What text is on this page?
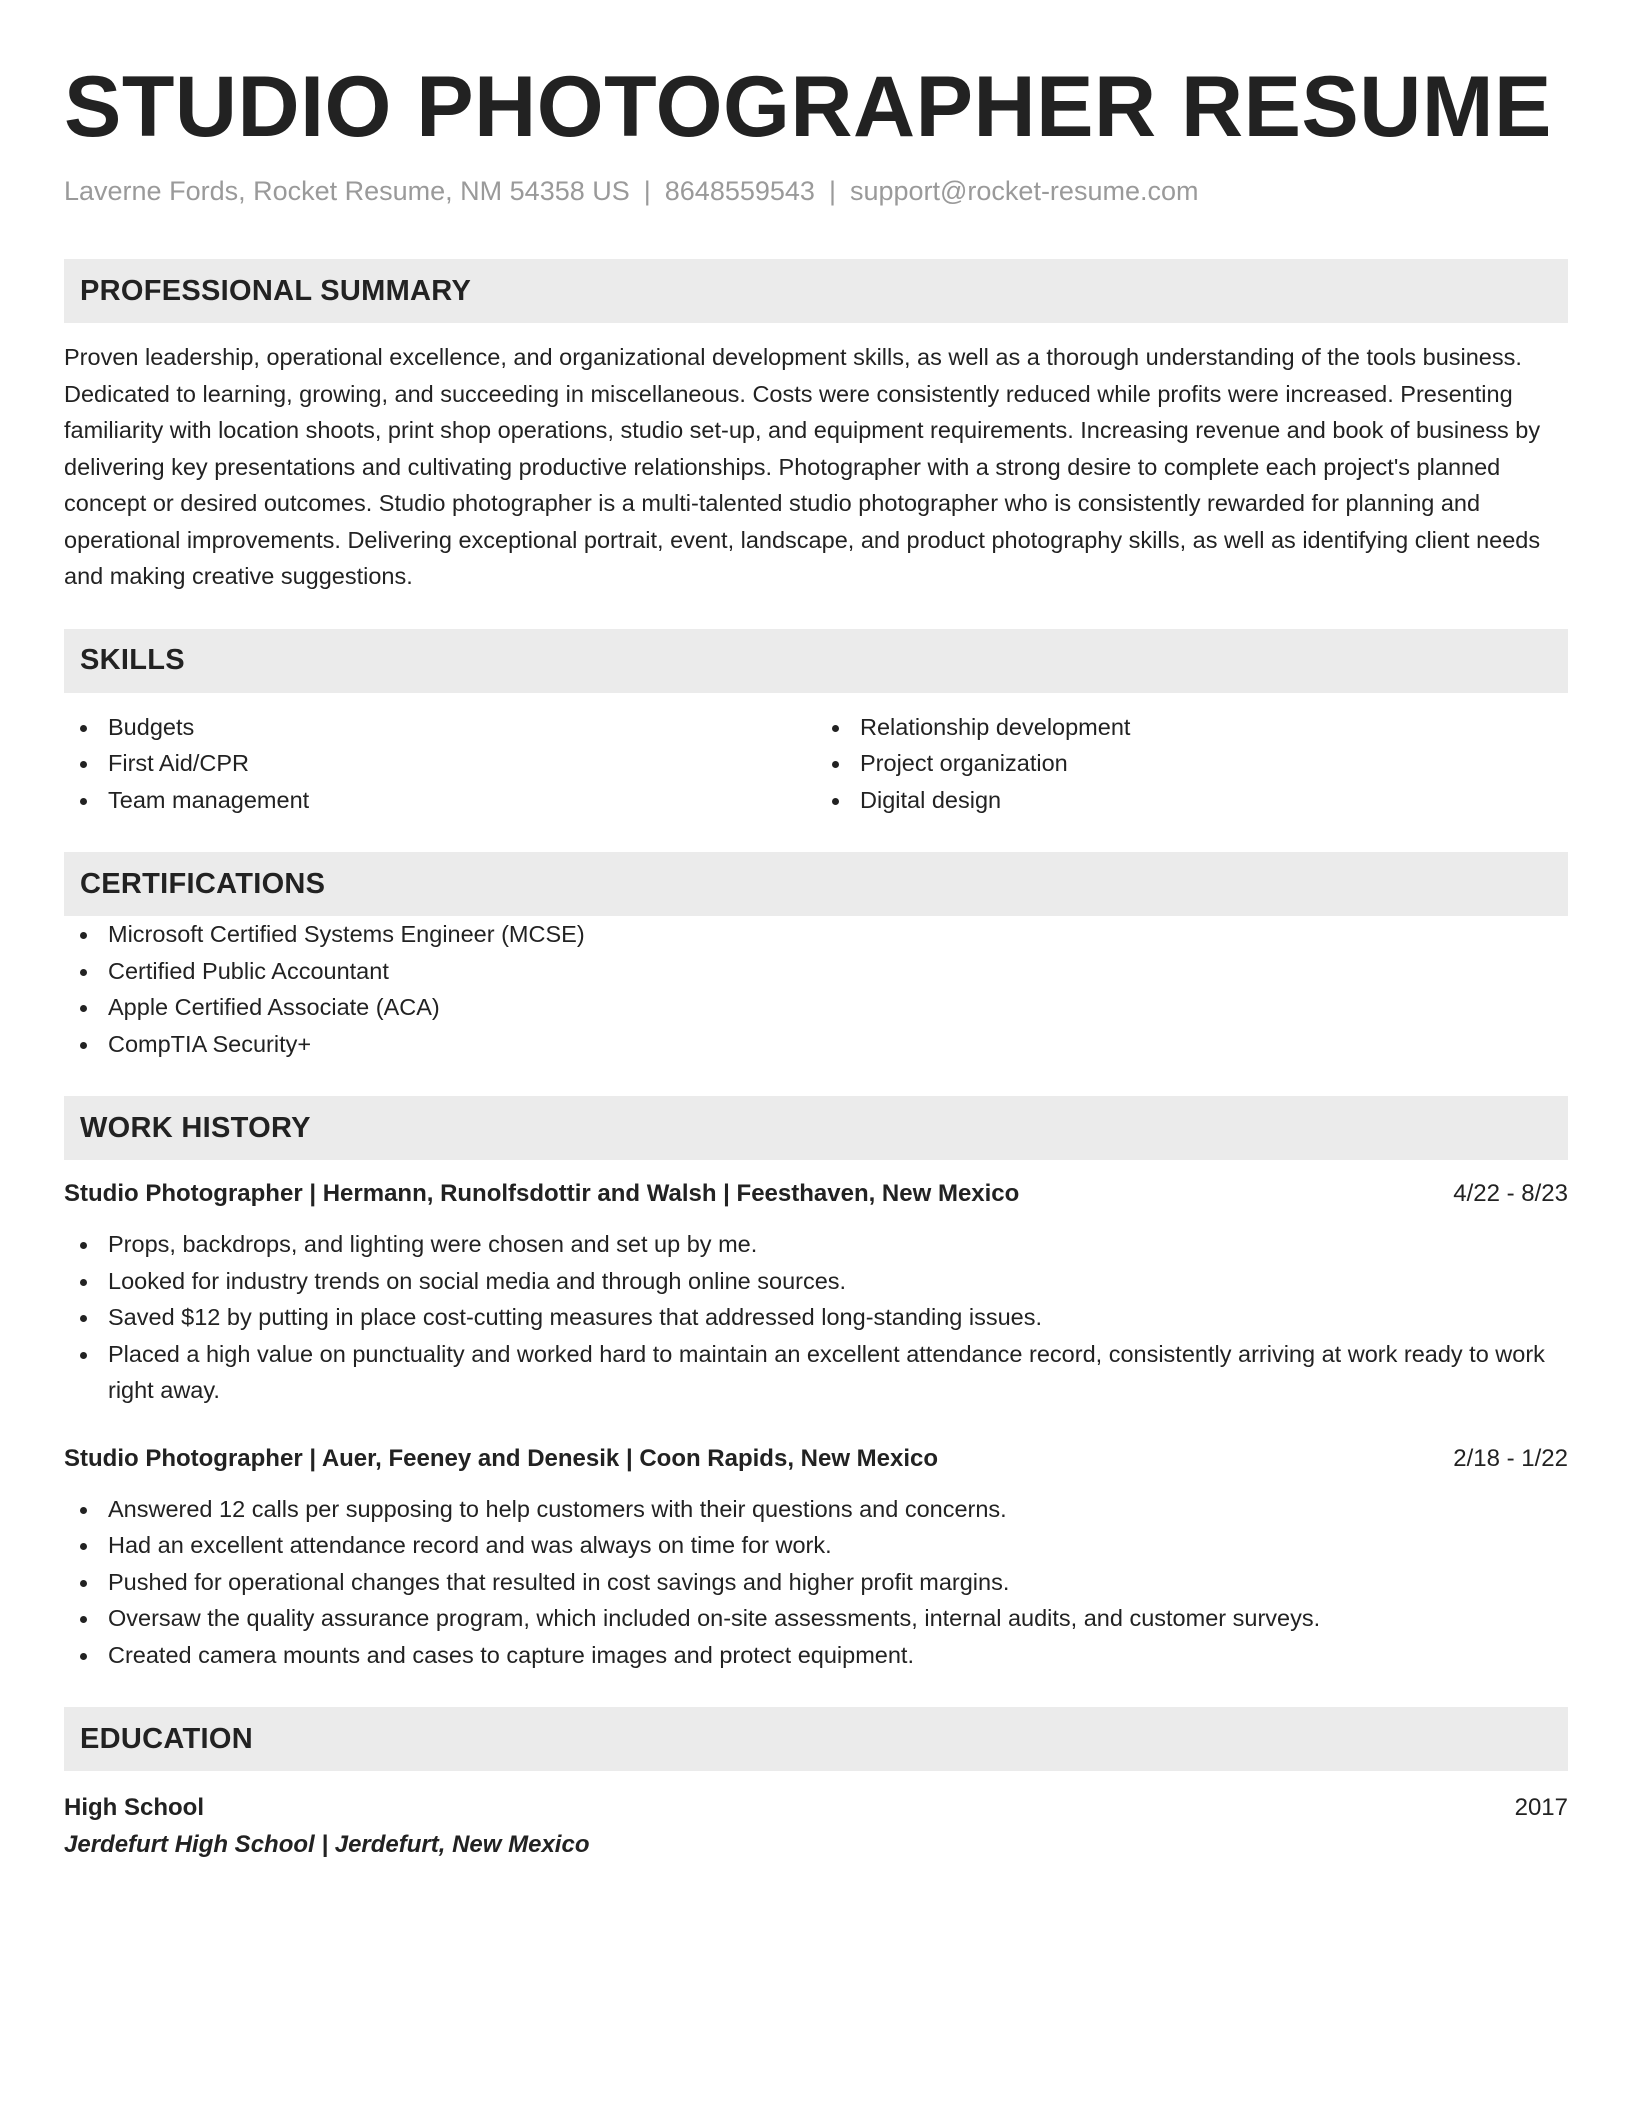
STUDIO PHOTOGRAPHER RESUME
Laverne Fords, Rocket Resume, NM 54358 US | 8648559543 | support@rocket-resume.com
PROFESSIONAL SUMMARY
Proven leadership, operational excellence, and organizational development skills, as well as a thorough understanding of the tools business. Dedicated to learning, growing, and succeeding in miscellaneous. Costs were consistently reduced while profits were increased. Presenting familiarity with location shoots, print shop operations, studio set-up, and equipment requirements. Increasing revenue and book of business by delivering key presentations and cultivating productive relationships. Photographer with a strong desire to complete each project's planned concept or desired outcomes. Studio photographer is a multi-talented studio photographer who is consistently rewarded for planning and operational improvements. Delivering exceptional portrait, event, landscape, and product photography skills, as well as identifying client needs and making creative suggestions.
SKILLS
Budgets
First Aid/CPR
Team management
Relationship development
Project organization
Digital design
CERTIFICATIONS
Microsoft Certified Systems Engineer (MCSE)
Certified Public Accountant
Apple Certified Associate (ACA)
CompTIA Security+
WORK HISTORY
Studio Photographer | Hermann, Runolfsdottir and Walsh | Feesthaven, New Mexico	4/22 - 8/23
Props, backdrops, and lighting were chosen and set up by me.
Looked for industry trends on social media and through online sources.
Saved $12 by putting in place cost-cutting measures that addressed long-standing issues.
Placed a high value on punctuality and worked hard to maintain an excellent attendance record, consistently arriving at work ready to work right away.
Studio Photographer | Auer, Feeney and Denesik | Coon Rapids, New Mexico	2/18 - 1/22
Answered 12 calls per supposing to help customers with their questions and concerns.
Had an excellent attendance record and was always on time for work.
Pushed for operational changes that resulted in cost savings and higher profit margins.
Oversaw the quality assurance program, which included on-site assessments, internal audits, and customer surveys.
Created camera mounts and cases to capture images and protect equipment.
EDUCATION
High School	2017
Jerdefurt High School | Jerdefurt, New Mexico
